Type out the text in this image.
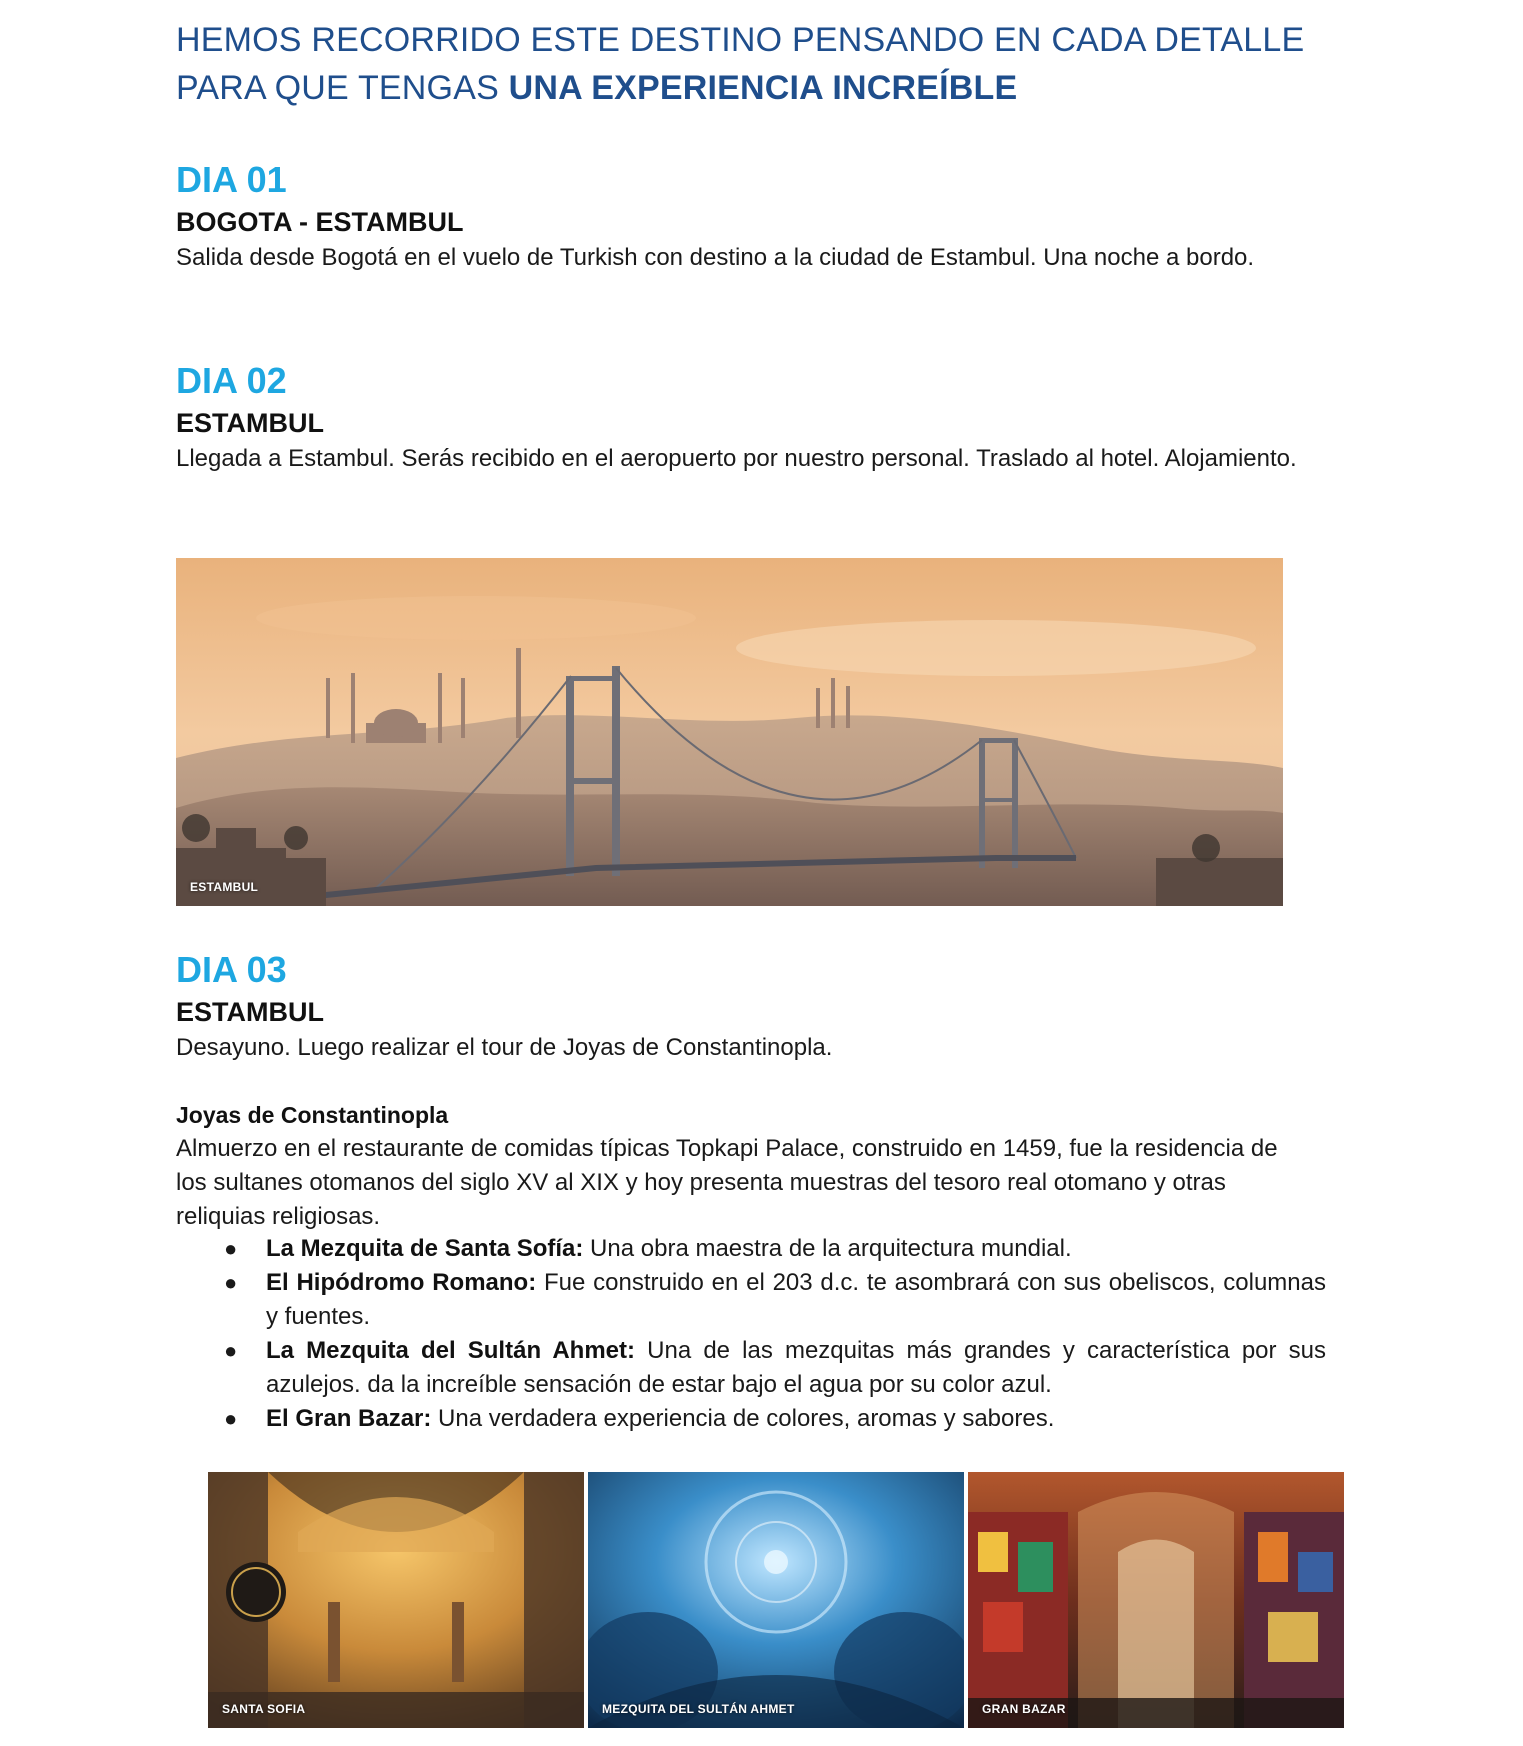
HEMOS RECORRIDO ESTE DESTINO PENSANDO EN CADA DETALLE
PARA QUE TENGAS UNA EXPERIENCIA INCREÍBLE
DIA 01
BOGOTA - ESTAMBUL
Salida desde Bogotá en el vuelo de Turkish con destino a la ciudad de Estambul. Una noche a bordo.
DIA 02
ESTAMBUL
Llegada a Estambul. Serás recibido en el aeropuerto por nuestro personal. Traslado al hotel. Alojamiento.
ESTAMBUL
DIA 03
ESTAMBUL
Desayuno. Luego realizar el tour de Joyas de Constantinopla.
Joyas de Constantinopla
Almuerzo en el restaurante de comidas típicas Topkapi Palace, construido en 1459, fue la residencia de los sultanes otomanos del siglo XV al XIX y hoy presenta muestras del tesoro real otomano y otras reliquias religiosas.
● La Mezquita de Santa Sofía: Una obra maestra de la arquitectura mundial.
● El Hipódromo Romano: Fue construido en el 203 d.c. te asombrará con sus obeliscos, columnas y fuentes.
● La Mezquita del Sultán Ahmet: Una de las mezquitas más grandes y característica por sus azulejos. da la increíble sensación de estar bajo el agua por su color azul.
● El Gran Bazar: Una verdadera experiencia de colores, aromas y sabores.
SANTA SOFIA	MEZQUITA DEL SULTÁN AHMET	GRAN BAZAR
